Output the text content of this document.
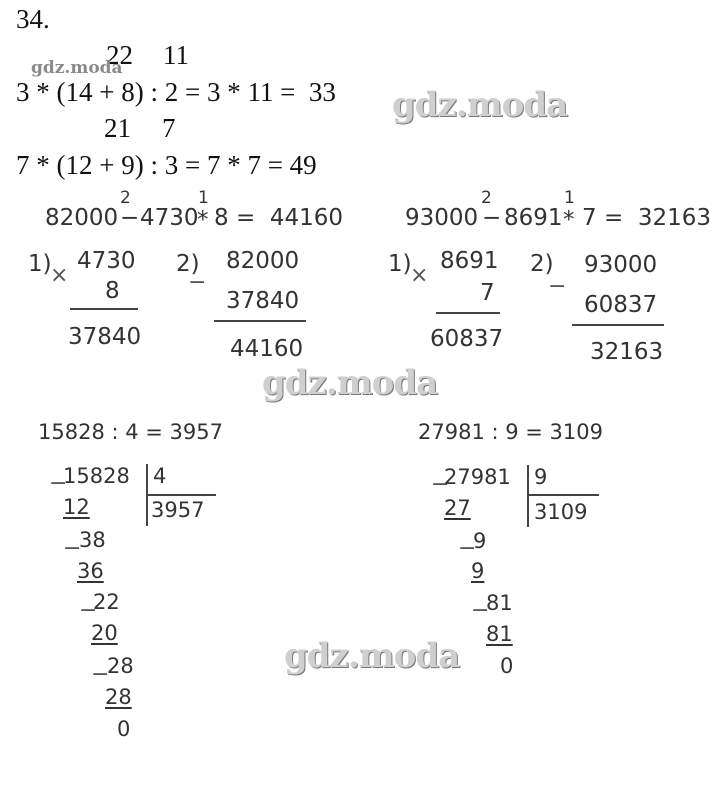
34.
22 11
3 * (14 + 8) : 2 = 3 * 11 =  33
21 7
7 * (12 + 9) : 3 = 7 * 7 = 49
2	1
82000 − 4730
* 8 =  44160
1)
×
4730
8
37840
2)
−
82000
37840
44160
2	1
93000 − 8691 * 7 =  32163
1)
×
8691
7
60837
2)
−
93000
60837
32163
15828 : 4 = 3957
−
15828 4
3957
12
−
38
36
−
22
20
−
28
28
0
27981 : 9 = 3109
−
27981 9
3109
27
−
9
9
−
81
81
0
gdz.moda
gdz.moda
gdz.moda
gdz.moda
